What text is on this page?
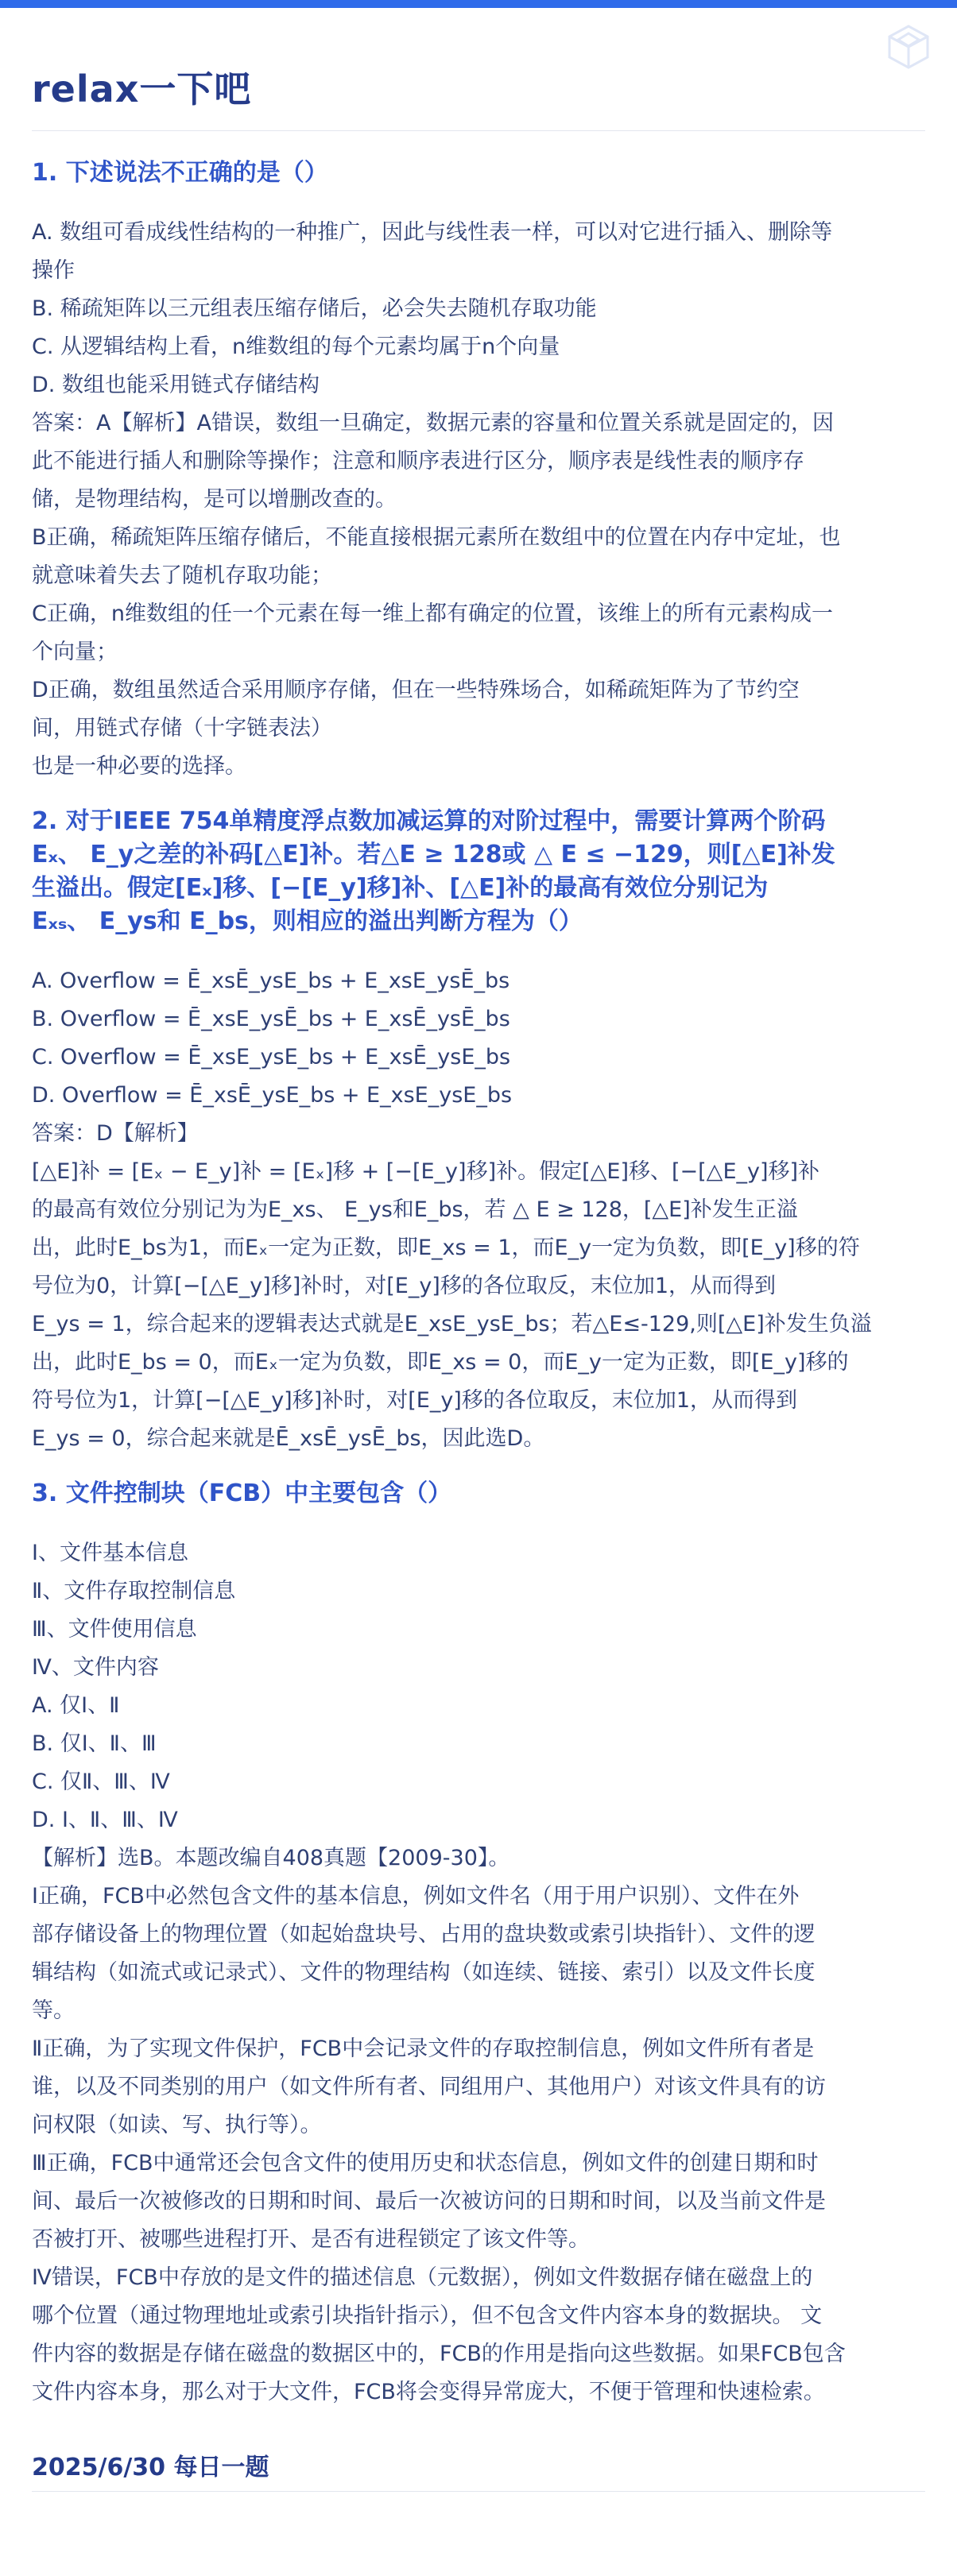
relax一下吧
1. 下述说法不正确的是（）

A. 数组可看成线性结构的一种推广，因此与线性表一样，可以对它进行插入、删除等

操作

B. 稀疏矩阵以三元组表压缩存储后，必会失去随机存取功能

C. 从逻辑结构上看，n维数组的每个元素均属于n个向量

D. 数组也能采用链式存储结构

答案：A【解析】A错误，数组一旦确定，数据元素的容量和位置关系就是固定的，因

此不能进行插人和删除等操作；注意和顺序表进行区分，顺序表是线性表的顺序存

储，是物理结构，是可以增删改查的。

B正确，稀疏矩阵压缩存储后，不能直接根据元素所在数组中的位置在内存中定址，也

就意味着失去了随机存取功能；

C正确，n维数组的任一个元素在每一维上都有确定的位置，该维上的所有元素构成一

个向量；

D正确，数组虽然适合采用顺序存储，但在一些特殊场合，如稀疏矩阵为了节约空

间，用链式存储（十字链表法）

也是一种必要的选择。

2. 对于IEEE 754单精度浮点数加减运算的对阶过程中，需要计算两个阶码
Eₓ、 E_y之差的补码[△E]补。若△E ≥ 128或 △ E ≤ −129，则[△E]补发
生溢出。假定[Eₓ]移、[−[E_y]移]补、[△E]补的最高有效位分别记为
Eₓₛ、 E_ys和 E_bs，则相应的溢出判断方程为（）

A. Overflow = Ē_xsĒ_ysE_bs + E_xsE_ysĒ_bs

B. Overflow = Ē_xsE_ysĒ_bs + E_xsĒ_ysĒ_bs

C. Overflow = Ē_xsE_ysE_bs + E_xsĒ_ysE_bs

D. Overflow = Ē_xsĒ_ysE_bs + E_xsE_ysE_bs

答案：D【解析】

[△E]补 = [Eₓ − E_y]补 = [Eₓ]移 + [−[E_y]移]补。假定[△E]移、[−[△E_y]移]补

的最高有效位分别记为为E_xs、 E_ys和E_bs，若 △ E ≥ 128，[△E]补发生正溢

出，此时E_bs为1，而Eₓ一定为正数，即E_xs = 1，而E_y一定为负数，即[E_y]移的符

号位为0，计算[−[△E_y]移]补时，对[E_y]移的各位取反，末位加1，从而得到

E_ys = 1，综合起来的逻辑表达式就是E_xsE_ysE_bs；若△E≤-129,则[△E]补发生负溢

出，此时E_bs = 0，而Eₓ一定为负数，即E_xs = 0，而E_y一定为正数，即[E_y]移的

符号位为1，计算[−[△E_y]移]补时，对[E_y]移的各位取反，末位加1，从而得到

E_ys = 0，综合起来就是Ē_xsĒ_ysĒ_bs，因此选D。

3. 文件控制块（FCB）中主要包含（）

Ⅰ、文件基本信息

Ⅱ、文件存取控制信息

Ⅲ、文件使用信息

Ⅳ、文件内容

A. 仅Ⅰ、Ⅱ

B. 仅Ⅰ、Ⅱ、Ⅲ

C. 仅Ⅱ、Ⅲ、Ⅳ

D. Ⅰ、Ⅱ、Ⅲ、Ⅳ

【解析】选B。本题改编自408真题【2009-30】。

Ⅰ正确，FCB中必然包含文件的基本信息，例如文件名（用于用户识别）、文件在外

部存储设备上的物理位置（如起始盘块号、占用的盘块数或索引块指针）、文件的逻

辑结构（如流式或记录式）、文件的物理结构（如连续、链接、索引）以及文件长度

等。

Ⅱ正确，为了实现文件保护，FCB中会记录文件的存取控制信息，例如文件所有者是

谁，以及不同类别的用户（如文件所有者、同组用户、其他用户）对该文件具有的访

问权限（如读、写、执行等）。

Ⅲ正确，FCB中通常还会包含文件的使用历史和状态信息，例如文件的创建日期和时

间、最后一次被修改的日期和时间、最后一次被访问的日期和时间，以及当前文件是

否被打开、被哪些进程打开、是否有进程锁定了该文件等。

Ⅳ错误，FCB中存放的是文件的描述信息（元数据），例如文件数据存储在磁盘上的

哪个位置（通过物理地址或索引块指针指示），但不包含文件内容本身的数据块。 文

件内容的数据是存储在磁盘的数据区中的，FCB的作用是指向这些数据。如果FCB包含

文件内容本身，那么对于大文件，FCB将会变得异常庞大，不便于管理和快速检索。

2025/6/30 每日一题
